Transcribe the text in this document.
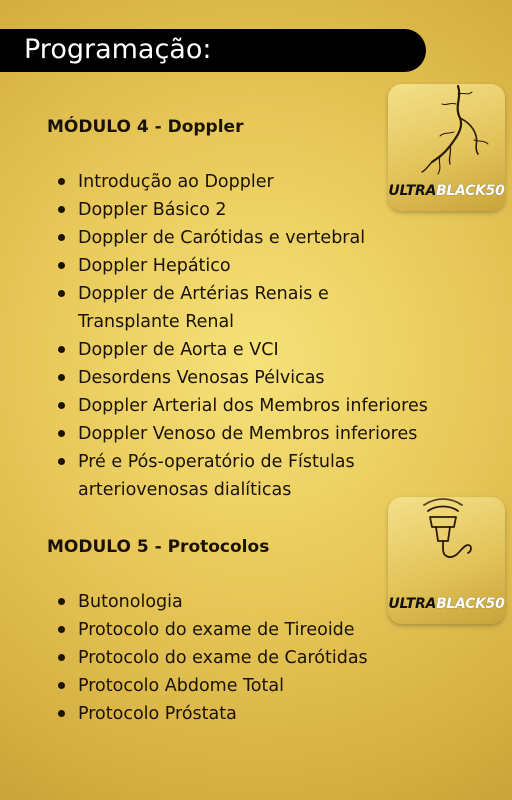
Programação:
MÓDULO 4 - Doppler
ULTRABLACK50
Introdução ao Doppler
Doppler Básico 2
Doppler de Carótidas e vertebral
Doppler Hepático
Doppler de Artérias Renais e Transplante Renal
Doppler de Aorta e VCI
Desordens Venosas Pélvicas
Doppler Arterial dos Membros inferiores
Doppler Venoso de Membros inferiores
Pré e Pós-operatório de Fístulas arteriovenosas dialíticas
MODULO 5 - Protocolos
ULTRABLACK50
Butonologia
Protocolo do exame de Tireoide
Protocolo do exame de Carótidas
Protocolo Abdome Total
Protocolo Próstata
